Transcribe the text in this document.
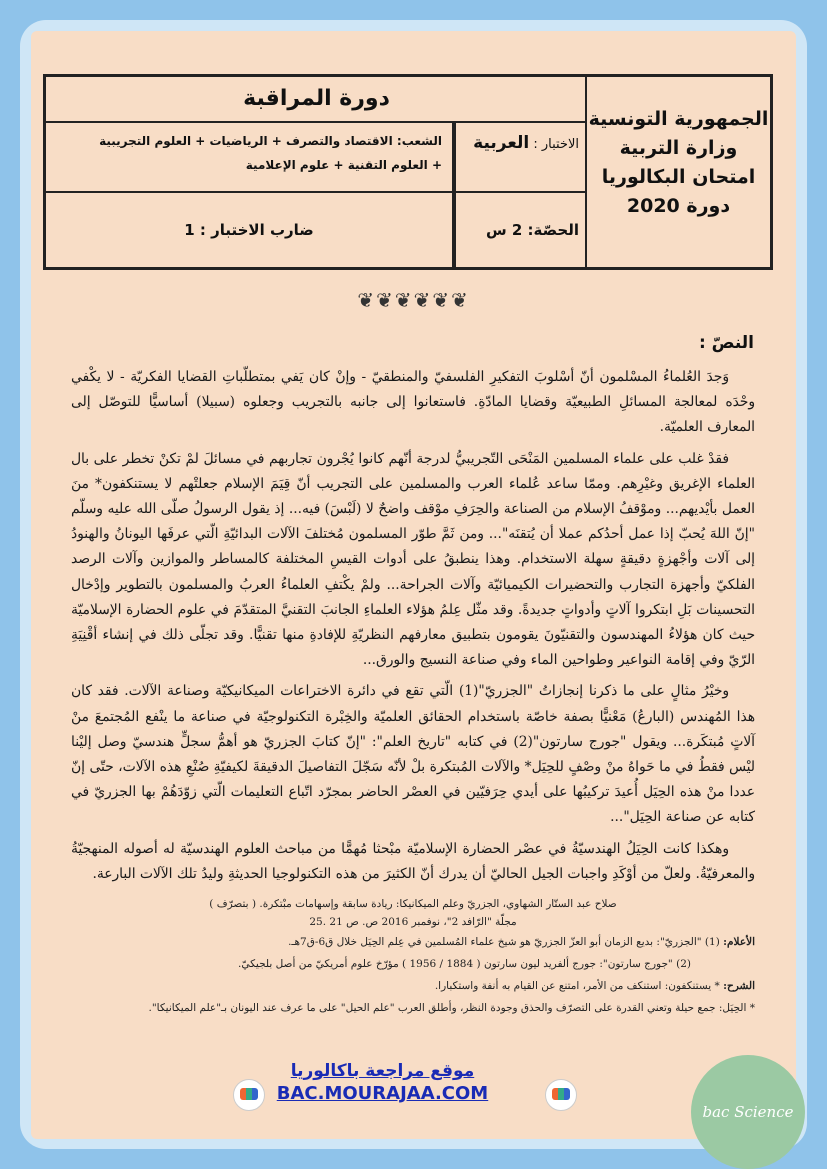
الجمهورية التونسية
وزارة التربية
امتحان البكالوريا
دورة 2020
دورة المراقبة
الاختبار : العربية
الشعب: الاقتصاد والتصرف + الرياضيات + العلوم التجريبية
+ العلوم التقنية + علوم الإعلامية
الحصّة: 2 س
ضارب الاختبار : 1
❦❦❦❦❦❦
النصّ :

وَجدَ العُلماءُ المسْلمون أنّ أسْلوبَ التفكيرِ الفلسفيّ والمنطقيّ - وإنْ كان يَفي بمتطلّباتِ القضايا الفكريّة - لا يكْفي وحْدَه لمعالجة المسائلِ الطبيعيّة وقضايا المادّةِ. فاستعانوا إلى جانبه بالتجريب وجعلوه (سبيلا) أساسيًّا للتوصّل إلى المعارف العلميّة.

فقدْ غلب على علماء المسلمين المَنْحَى التّجريبيُّ لدرجة أنّهم كانوا يُجْرون تجاربهم في مسائلَ لمْ تكنْ تخطر على بال العلماء الإغريق وغيْرِهم. وممّا ساعد عُلماء العرب والمسلمين على التجريب أنّ قِيَمَ الإسلام جعلتْهم لا يستنكفون* منَ العمل بأيْديهم... وموْقفُ الإسلام من الصناعة والحِرَفِ موْقف واضحٌ لا (لَبْسَ) فيه... إذ يقول الرسولُ صلّى الله عليه وسلّم "إنّ اللهَ يُحبّ إذا عمل أحدُكم عملا أن يُتقنَه"... ومن ثَمَّ طوّر المسلمون مُختلفَ الآلات البدائيّةِ الّتي عرفَها اليونانُ والهنودُ إلى آلات وأجْهزةٍ دقيقةٍ سهلة الاستخدام. وهذا ينطبقُ على أدوات القيسِ المختلفة كالمساطر والموازين وآلات الرصد الفلكيّ وأجهزة التجارب والتحضيرات الكيميائيّة وآلات الجراحة... ولمْ يكْتفِ العلماءُ العربُ والمسلمون بالتطوير وإدْخال التحسينات بَلِ ابتكروا آلاتٍ وأدواتٍ جديدةً. وقد مثّل عِلمُ هؤلاء العلماءِ الجانبَ التقنيَّ المتقدّمَ في علوم الحضارة الإسلاميّة حيث كان هؤلاءُ المهندسون والتقنيّونَ يقومون بتطبيق معارفهم النظريّةِ للإفادةِ منها تقنيًّا. وقد تجلّى ذلك في إنشاء أقْنِيَةِ الرّيّ وفي إقامة النواعير وطواحين الماء وفي صناعة النسيج والورق...

وخيْرُ مثالٍ على ما ذكرنا إنجازاتُ "الجزريّ"(1) الّتي تقع في دائرة الاختراعات الميكانيكيّة وصناعة الآلات. فقد كان هذا المُهندس (البارعُ) مَعْنيًّا بصفة خاصّة باستخدام الحقائق العلميّة والخِبْرة التكنولوجيّة في صناعة ما ينْفع المُجتمعَ منْ آلاتٍ مُبتكَرة... ويقول "جورج سارتون"(2) في كتابه "تاريخ العلم": "إنّ كتابَ الجزريّ هو أهمُّ سجلٍّ هندسيّ وصل إليْنا ليْس فقطُ في ما حَواهُ منْ وصْفٍ للحِيَل* والآلات المُبتكرة بلْ لأنّه سَجّلَ التفاصيلَ الدقيقةَ لكيفيّةِ صُنْعِ هذه الآلات، حتّى إنّ عددا منْ هذه الحِيَل أُعيدَ تركيبُها على أيدي حِرَفيّين في العصْر الحاضر بمجرّد اتّباع التعليمات الّتي زوّدَهُمْ بها الجزريّ في كتابه عن صناعة الحِيَل"...

وهكذا كانت الحِيَلُ الهندسيّةُ في عصْر الحضارة الإسلاميّة مبْحثا مُهمًّا من مباحث العلوم الهندسيّة له أصوله المنهجيّةُ والمعرفيّةُ. ولعلّ من أوْكَدِ واجبات الجيل الحاليّ أن يدرك أنّ الكثيرَ من هذه التكنولوجيا الحديثةِ وليدُ تلك الآلات البارعة.

صلاح عبد الستّار الشهاوي، الجزريّ وعلم الميكانيكا: ريادة سابقة وإسهامات مبْتكرة. ( بتصرّف )
مجلّة "الرّافد 2"، نوفمبر 2016 ص. ص 21 .25
الأعلام: (1) "الجزريّ": بديع الزمان أبو العزّ الجزريّ هو شيخ علماء المُسلمين في عِلم الحِيَل خلال ق6-ق7هـ.
(2) "جورج سارتون": جورج ألفريد ليون سارتون ( 1884 / 1956 ) مؤرّخ علوم أمريكيّ من أصل بلجيكيّ.
الشرح: * يستنكفون: استنكف من الأمر، امتنع عن القيام به أنفة واستكبارا.
* الحِيَل: جمع حيلة وتعني القدرة على التصرّف والحذق وجودة النظر، وأطلق العرب "علم الحيل" على ما عرف عند اليونان بـ"علم الميكانيكا".
موقع مراجعة باكالوريا
BAC.MOURAJAA.COM
bac Science
